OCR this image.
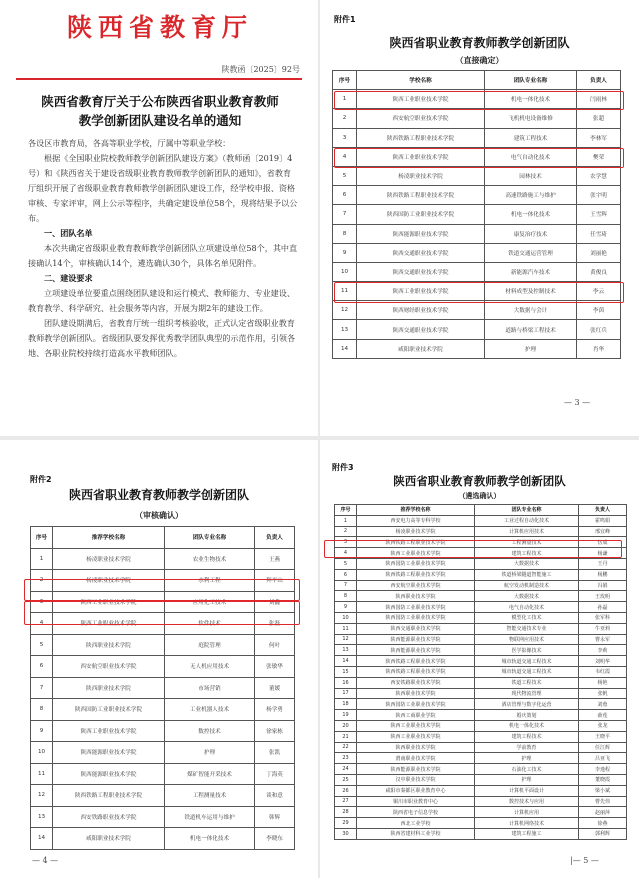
陕西省教育厅
陕教函〔2025〕92号
陕西省教育厅关于公布陕西省职业教育教师
教学创新团队建设名单的通知

各设区市教育局，各高等职业学校，厅属中等职业学校：

根据《全国职业院校教师教学创新团队建设方案》（教师函〔2019〕4号）和《陕西省关于建设省级职业教育教师教学创新团队的通知》，省教育厅组织开展了省级职业教育教师教学创新团队建设工作，经学校申报、资格审核、专家评审，网上公示等程序，共确定建设单位58个，现将结果予以公布。

一、团队名单

本次共确定省级职业教育教师教学创新团队立项建设单位58个，其中直接确认14个，审核确认14个，遴选确认30个，具体名单见附件。

二、建设要求

立项建设单位要重点围绕团队建设和运行模式、教师能力、专业建设、教育教学、科学研究、社会服务等内容，开展为期2年的建设工作。

团队建设期满后，省教育厅统一组织考核验收，正式认定省级职业教育教师教学创新团队。省级团队要发挥优秀教学团队典型的示范作用，引领各地、各职业院校持续打造高水平教师团队。

附件1
陕西省职业教育教师教学创新团队
（直接确定）
序号	学校名称	团队专业名称	负责人
1	陕西工业职业技术学院	机电一体化技术	闫雨林
2	西安航空职业技术学院	飞机机电设备维修	张超
3	陕西铁路工程职业技术学院	建筑工程技术	李林军
4	陕西工业职业技术学院	电气自动化技术	樊荣
5	杨凌职业技术学院	园林技术	农学慧
6	陕西铁路工程职业技术学院	高速铁路施工与维护	张宇明
7	陕西国防工业职业技术学院	机电一体化技术	王雪辉
8	陕西能源职业技术学院	康复治疗技术	任雪琦
9	陕西交通职业技术学院	铁道交通运营管理	刘丽艳
10	陕西交通职业技术学院	新能源汽车技术	黄俊良
11	陕西工业职业技术学院	材料成型及控制技术	李云
12	陕西财经职业技术学院	大数据与会计	李茵
13	陕西交通职业技术学院	道路与桥梁工程技术	张红兵
14	咸阳职业技术学院	护理	肖华
— 3 —
附件2
陕西省职业教育教师教学创新团队
（审核确认）
序号	推荐学校名称	团队专业名称	负责人
1	杨凌职业技术学院	农业生物技术	王燕
2	杨凌职业技术学院	水利工程	拜平山
3	陕西工业职业技术学院	应用化工技术	刘鑫
4	陕西工业职业技术学院	软件技术	张磊
5	陕西职业技术学院	庭院管理	何叶
6	西安航空职业技术学院	无人机应用技术	张敏华
7	陕西职业技术学院	市场营销	董媛
8	陕西国防工业职业技术学院	工业机器人技术	杨学勇
9	陕西工业职业技术学院	数控技术	徐家栋
10	陕西能源职业技术学院	护理	张凯
11	陕西能源职业技术学院	煤矿智能开采技术	丁海英
12	陕西铁路工程职业技术学院	工程测量技术	谈和意
13	西安铁路职业技术学院	铁道机车运用与维护	韩辉
14	咸阳职业技术学院	机电一体化技术	李晓东
— 4 —
附件3
陕西省职业教育教师教学创新团队
（遴选确认）
序号	推荐学校名称	团队专业名称	负责人
1	西安电力高等专科学校	工业过程自动化技术	霍鸣娟
2	杨凌职业技术学院	计算机应用技术	邢宜峰
3	陕西铁路工程职业技术学院	工程测量技术	伍成
4	陕西工业职业技术学院	建筑工程技术	杨谦
5	陕西国防工业职业技术学院	大数据技术	王丹
6	陕西铁路工程职业技术学院	铁道桥梁隧道智能施工	杨鹏
7	西安航空职业技术学院	航空发动机制造技术	冯娟
8	陕西职业技术学院	大数据技术	王玫明
9	陕西国防工业职业技术学院	电气自动化技术	孙磊
10	陕西国防工业职业技术学院	模型化工技术	张军科
11	陕西交通职业技术学院	智能交通技术专业	牛亚莉
12	陕西能源职业技术学院	物联网应用技术	曹永军
13	陕西能源职业技术学院	医学影像技术	李莉
14	陕西铁路工程职业技术学院	城市轨道交通工程技术	刘明华
15	陕西铁路工程职业技术学院	城市轨道交通工程技术	韦红霞
16	西安铁路职业技术学院	铁道工程技术	杨艳
17	陕西职业技术学院	现代物流管理	张帆
18	陕西国防工业职业技术学院	酒店管理与数字化运营	刘蓉
19	陕西工商职业学院	婚庆策划	薛莲
20	陕西工业职业技术学院	机电一体化技术	张龙
21	陕西工业职业技术学院	建筑工程技术	王晓平
22	陕西职业技术学院	学前教育	任江辉
23	渭南职业技术学院	护理	吕亚飞
24	陕西能源职业技术学院	石油化工技术	李逸程
25	汉中职业技术学院	护理	董晓霞
26	咸阳市秦都区职业教育中心	计算机平面设计	梁小斌
27	铜川市职业教育中心	数控技术与应用	曹先伟
28	陕西省电子信息学校	计算机应用	赵丽萍
29	西北工业学校	计算机网络技术	徐燕
30	陕西省建材科工业学校	建筑工程施工	郭利辉
|— 5 —
